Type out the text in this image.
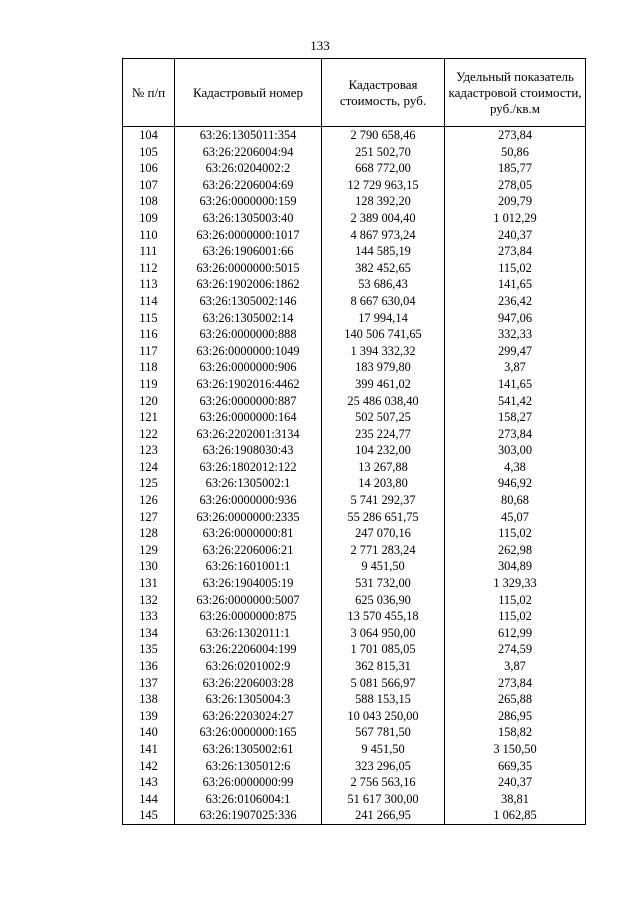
133
№ п/п	Кадастровый номер	Кадастровая стоимость, руб.	Удельный показатель кадастровой стоимости, руб./кв.м
104	63:26:1305011:354	2 790 658,46	273,84
105	63:26:2206004:94	251 502,70	50,86
106	63:26:0204002:2	668 772,00	185,77
107	63:26:2206004:69	12 729 963,15	278,05
108	63:26:0000000:159	128 392,20	209,79
109	63:26:1305003:40	2 389 004,40	1 012,29
110	63:26:0000000:1017	4 867 973,24	240,37
111	63:26:1906001:66	144 585,19	273,84
112	63:26:0000000:5015	382 452,65	115,02
113	63:26:1902006:1862	53 686,43	141,65
114	63:26:1305002:146	8 667 630,04	236,42
115	63:26:1305002:14	17 994,14	947,06
116	63:26:0000000:888	140 506 741,65	332,33
117	63:26:0000000:1049	1 394 332,32	299,47
118	63:26:0000000:906	183 979,80	3,87
119	63:26:1902016:4462	399 461,02	141,65
120	63:26:0000000:887	25 486 038,40	541,42
121	63:26:0000000:164	502 507,25	158,27
122	63:26:2202001:3134	235 224,77	273,84
123	63:26:1908030:43	104 232,00	303,00
124	63:26:1802012:122	13 267,88	4,38
125	63:26:1305002:1	14 203,80	946,92
126	63:26:0000000:936	5 741 292,37	80,68
127	63:26:0000000:2335	55 286 651,75	45,07
128	63:26:0000000:81	247 070,16	115,02
129	63:26:2206006:21	2 771 283,24	262,98
130	63:26:1601001:1	9 451,50	304,89
131	63:26:1904005:19	531 732,00	1 329,33
132	63:26:0000000:5007	625 036,90	115,02
133	63:26:0000000:875	13 570 455,18	115,02
134	63:26:1302011:1	3 064 950,00	612,99
135	63:26:2206004:199	1 701 085,05	274,59
136	63:26:0201002:9	362 815,31	3,87
137	63:26:2206003:28	5 081 566,97	273,84
138	63:26:1305004:3	588 153,15	265,88
139	63:26:2203024:27	10 043 250,00	286,95
140	63:26:0000000:165	567 781,50	158,82
141	63:26:1305002:61	9 451,50	3 150,50
142	63:26:1305012:6	323 296,05	669,35
143	63:26:0000000:99	2 756 563,16	240,37
144	63:26:0106004:1	51 617 300,00	38,81
145	63:26:1907025:336	241 266,95	1 062,85
